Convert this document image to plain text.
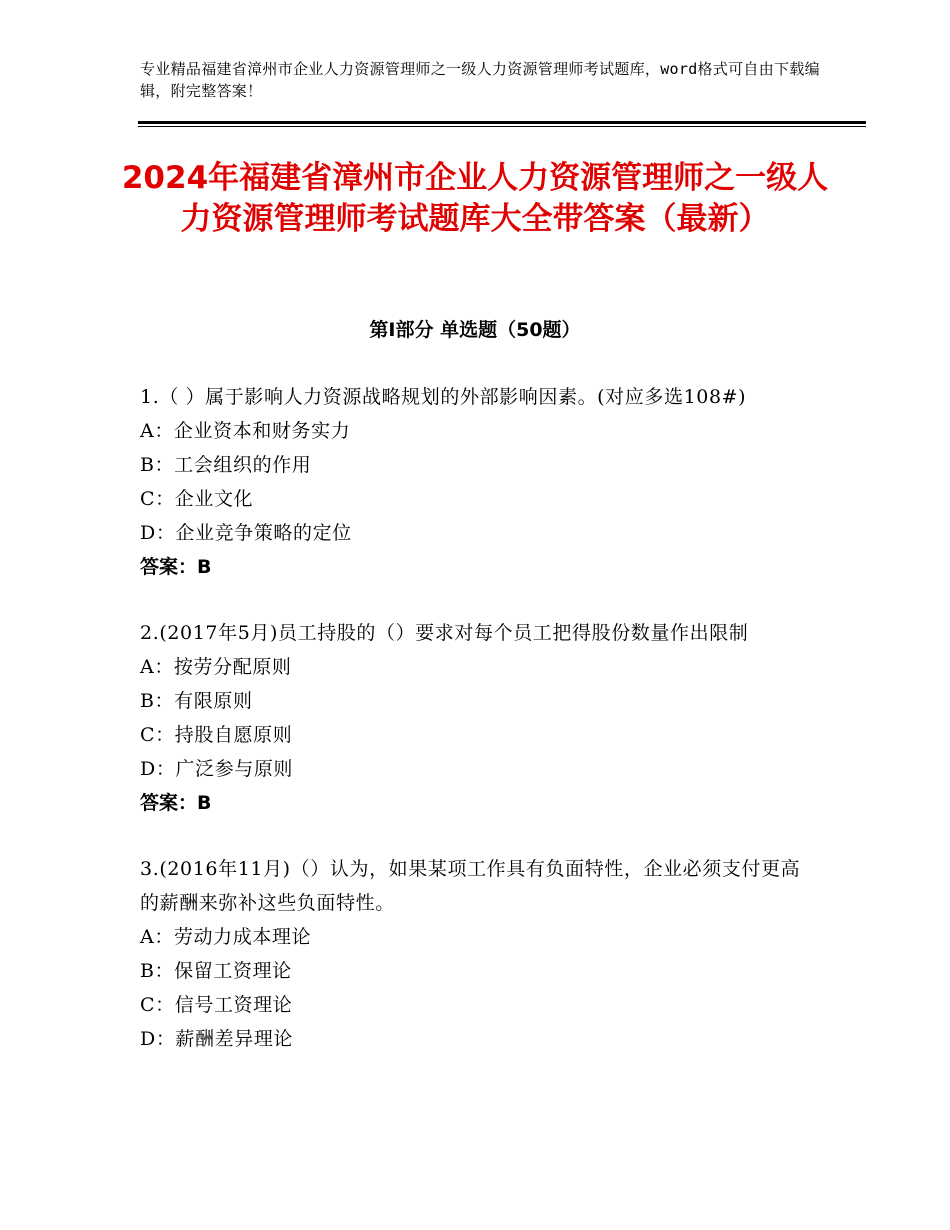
专业精品福建省漳州市企业人力资源管理师之一级人力资源管理师考试题库，word格式可自由下载编辑，附完整答案！
2024年福建省漳州市企业人力资源管理师之一级人力资源管理师考试题库大全带答案（最新）
第Ⅰ部分 单选题（50题）
1.（ ）属于影响人力资源战略规划的外部影响因素。(对应多选108#)
A：企业资本和财务实力
B：工会组织的作用
C：企业文化
D：企业竞争策略的定位
答案：B
2.(2017年5月)员工持股的（）要求对每个员工把得股份数量作出限制
A：按劳分配原则
B：有限原则
C：持股自愿原则
D：广泛参与原则
答案：B
3.(2016年11月)（）认为，如果某项工作具有负面特性，企业必须支付更高的薪酬来弥补这些负面特性。
A：劳动力成本理论
B：保留工资理论
C：信号工资理论
D：薪酬差异理论
